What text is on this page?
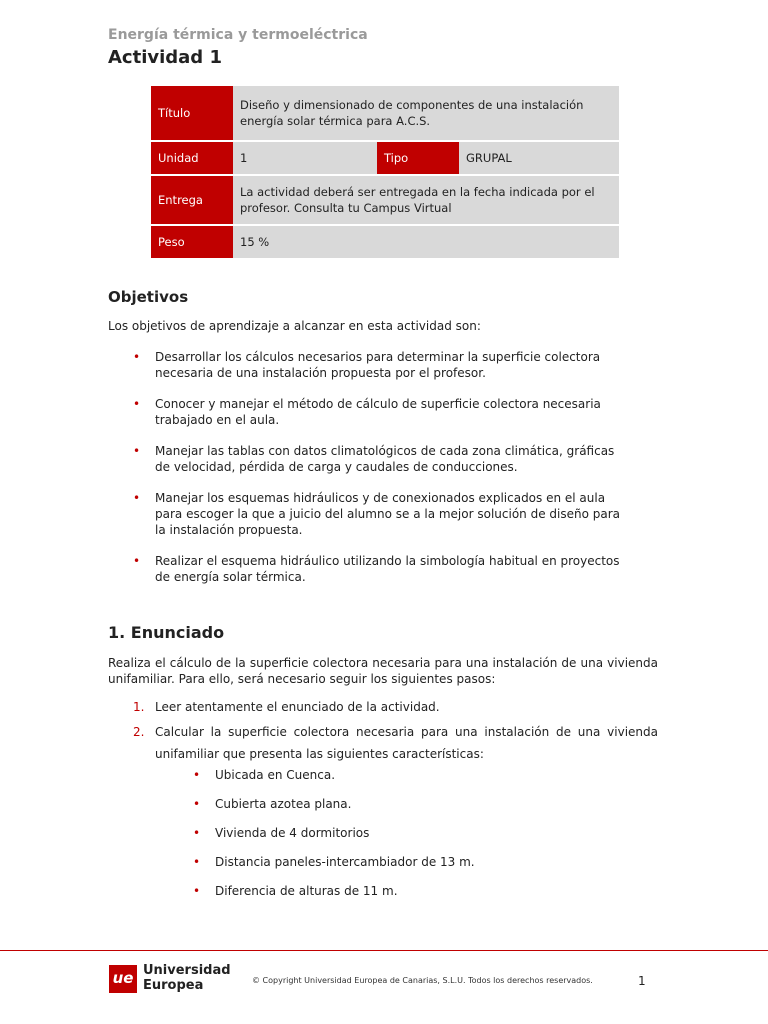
Energía térmica y termoeléctrica
Actividad 1
Título	Diseño y dimensionado de componentes de una instalación energía solar térmica para A.C.S.		

Unidad	1	Tipo	GRUPAL

Entrega	La actividad deberá ser entregada en la fecha indicada por el profesor. Consulta tu Campus Virtual		

Peso	15 %		
Objetivos
Los objetivos de aprendizaje a alcanzar en esta actividad son:
• Desarrollar los cálculos necesarios para determinar la superficie colectora necesaria de una instalación propuesta por el profesor.
• Conocer y manejar el método de cálculo de superficie colectora necesaria trabajado en el aula.
• Manejar las tablas con datos climatológicos de cada zona climática, gráficas de velocidad, pérdida de carga y caudales de conducciones.
• Manejar los esquemas hidráulicos y de conexionados explicados en el aula para escoger la que a juicio del alumno se a la mejor solución de diseño para la instalación propuesta.
• Realizar el esquema hidráulico utilizando la simbología habitual en proyectos de energía solar térmica.
1. Enunciado
Realiza el cálculo de la superficie colectora necesaria para una instalación de una vivienda unifamiliar. Para ello, será necesario seguir los siguientes pasos:
1. Leer atentamente el enunciado de la actividad.
2. Calcular la superficie colectora necesaria para una instalación de una vivienda unifamiliar que presenta las siguientes características:
• Ubicada en Cuenca.
• Cubierta azotea plana.
• Vivienda de 4 dormitorios
• Distancia paneles-intercambiador de 13 m.
• Diferencia de alturas de 11 m.
ue Universidad
Europea	© Copyright Universidad Europea de Canarias, S.L.U. Todos los derechos reservados.	1
